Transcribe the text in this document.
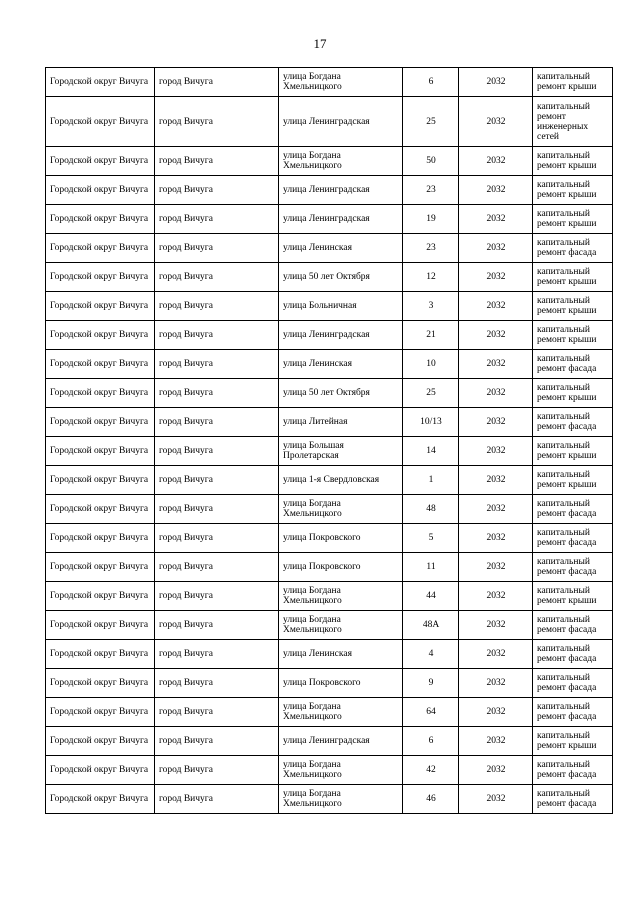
17
Городской округ Вичуга	город Вичуга	улица Богдана Хмельницкого	6	2032	капитальный ремонт крыши
Городской округ Вичуга	город Вичуга	улица Ленинградская	25	2032	капитальный ремонт инженерных сетей
Городской округ Вичуга	город Вичуга	улица Богдана Хмельницкого	50	2032	капитальный ремонт крыши
Городской округ Вичуга	город Вичуга	улица Ленинградская	23	2032	капитальный ремонт крыши
Городской округ Вичуга	город Вичуга	улица Ленинградская	19	2032	капитальный ремонт крыши
Городской округ Вичуга	город Вичуга	улица Ленинская	23	2032	капитальный ремонт фасада
Городской округ Вичуга	город Вичуга	улица 50 лет Октября	12	2032	капитальный ремонт крыши
Городской округ Вичуга	город Вичуга	улица Больничная	3	2032	капитальный ремонт крыши
Городской округ Вичуга	город Вичуга	улица Ленинградская	21	2032	капитальный ремонт крыши
Городской округ Вичуга	город Вичуга	улица Ленинская	10	2032	капитальный ремонт фасада
Городской округ Вичуга	город Вичуга	улица 50 лет Октября	25	2032	капитальный ремонт крыши
Городской округ Вичуга	город Вичуга	улица Литейная	10/13	2032	капитальный ремонт фасада
Городской округ Вичуга	город Вичуга	улица Большая Пролетарская	14	2032	капитальный ремонт крыши
Городской округ Вичуга	город Вичуга	улица 1-я Свердловская	1	2032	капитальный ремонт крыши
Городской округ Вичуга	город Вичуга	улица Богдана Хмельницкого	48	2032	капитальный ремонт фасада
Городской округ Вичуга	город Вичуга	улица Покровского	5	2032	капитальный ремонт фасада
Городской округ Вичуга	город Вичуга	улица Покровского	11	2032	капитальный ремонт фасада
Городской округ Вичуга	город Вичуга	улица Богдана Хмельницкого	44	2032	капитальный ремонт крыши
Городской округ Вичуга	город Вичуга	улица Богдана Хмельницкого	48А	2032	капитальный ремонт фасада
Городской округ Вичуга	город Вичуга	улица Ленинская	4	2032	капитальный ремонт фасада
Городской округ Вичуга	город Вичуга	улица Покровского	9	2032	капитальный ремонт фасада
Городской округ Вичуга	город Вичуга	улица Богдана Хмельницкого	64	2032	капитальный ремонт фасада
Городской округ Вичуга	город Вичуга	улица Ленинградская	6	2032	капитальный ремонт крыши
Городской округ Вичуга	город Вичуга	улица Богдана Хмельницкого	42	2032	капитальный ремонт фасада
Городской округ Вичуга	город Вичуга	улица Богдана Хмельницкого	46	2032	капитальный ремонт фасада
